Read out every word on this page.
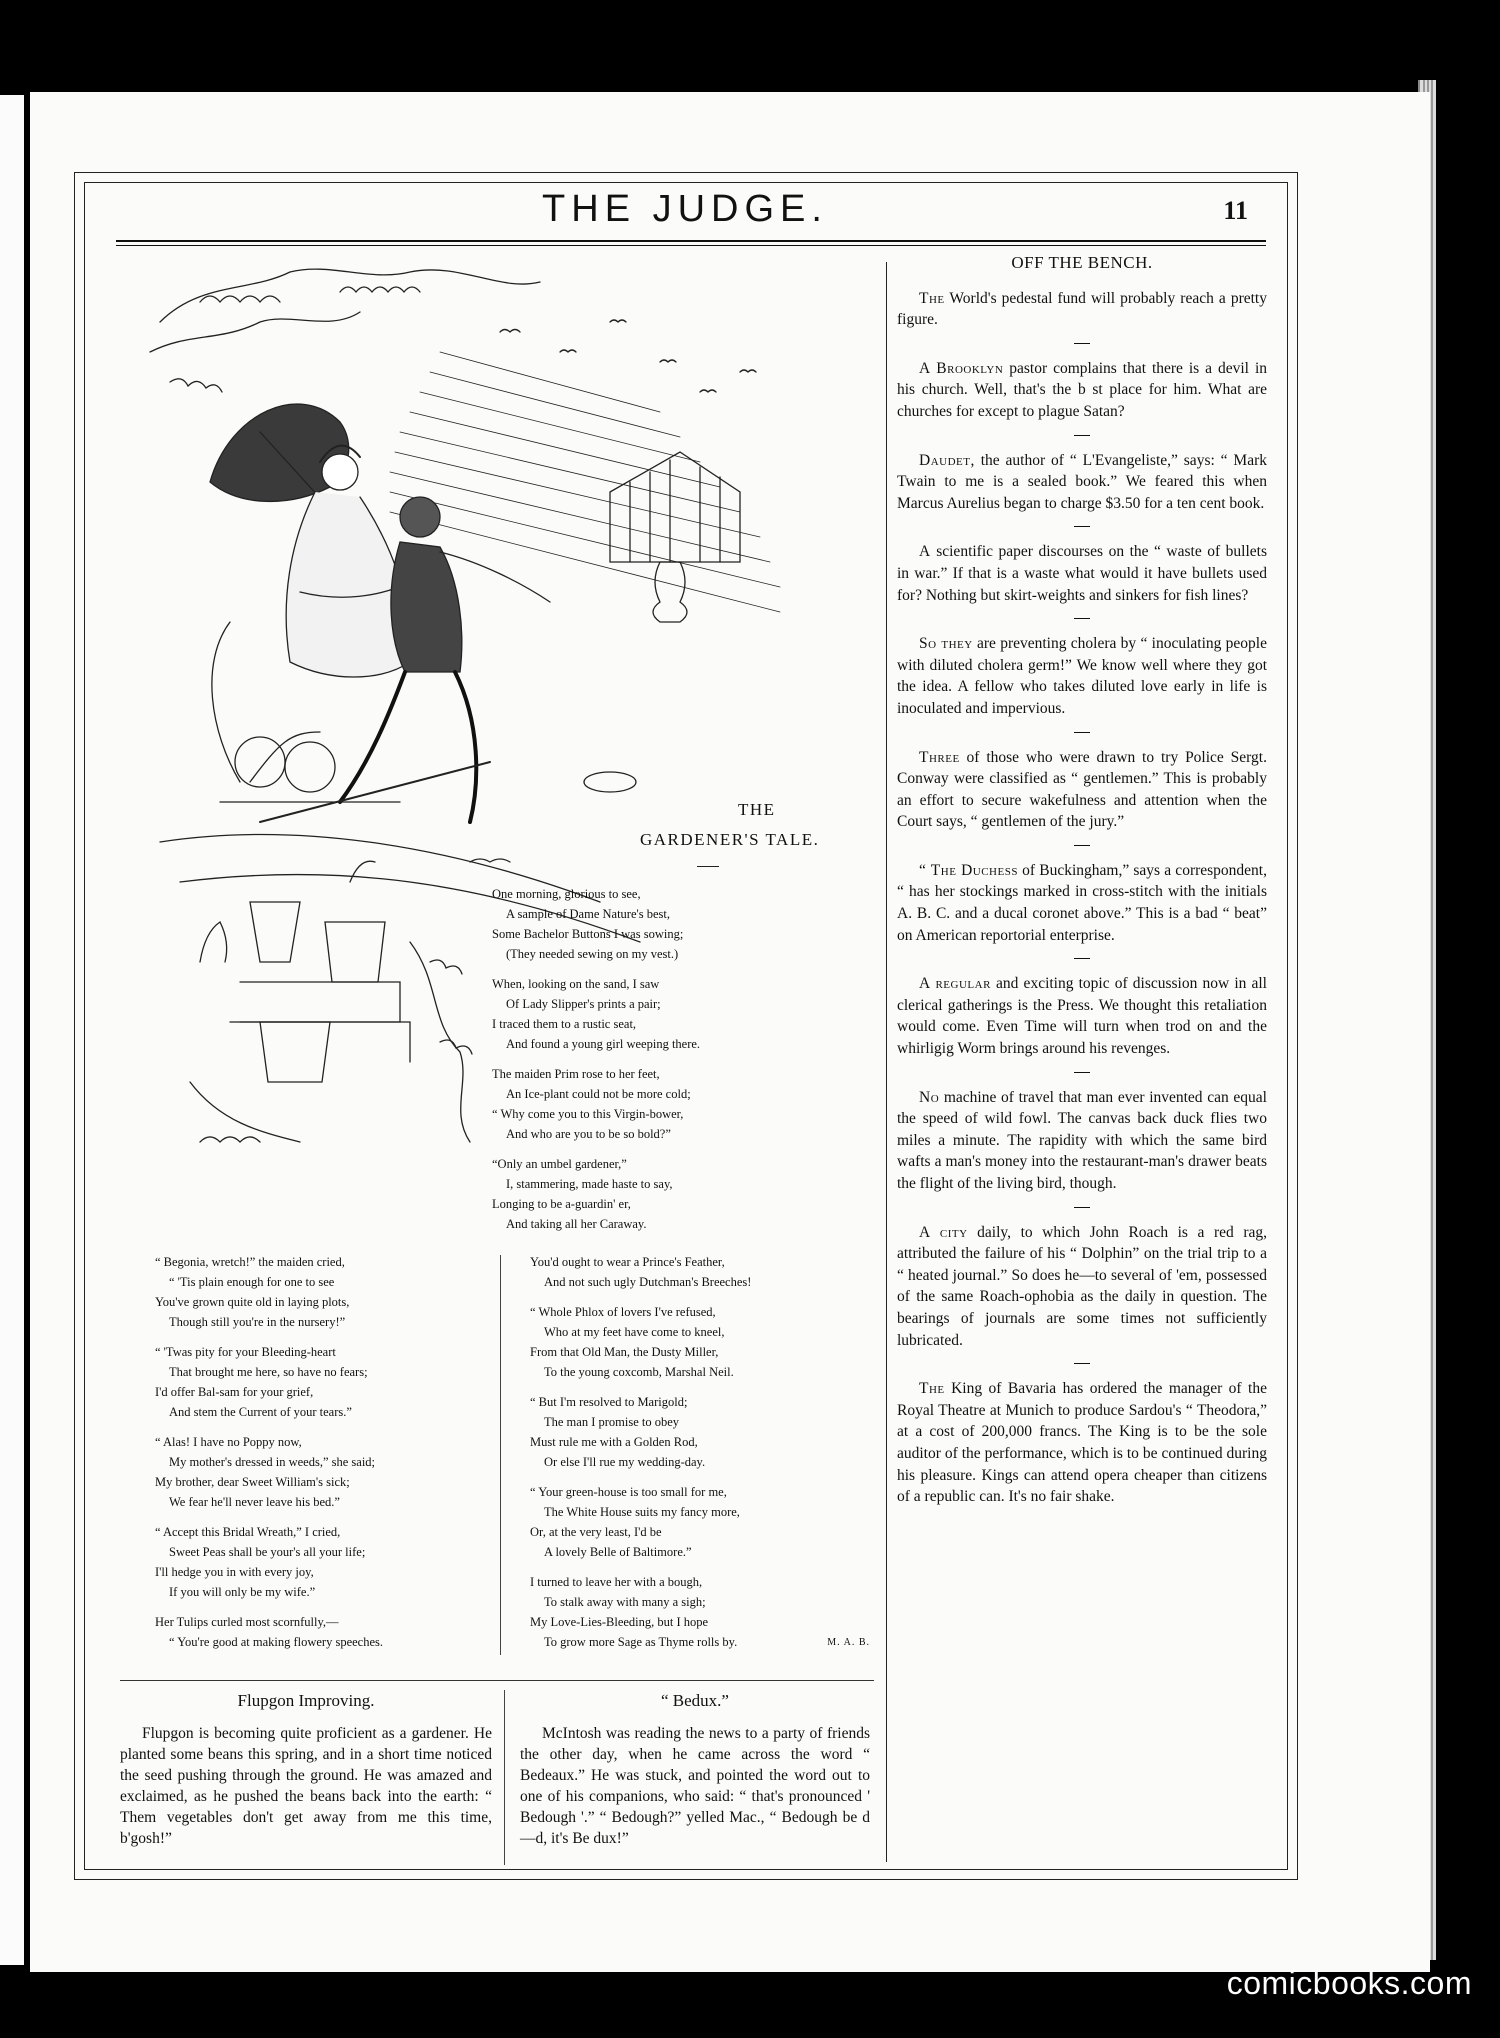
THE JUDGE.	11
THE
GARDENER'S TALE.

One morning, glorious to see,
A sample of Dame Nature's best,
Some Bachelor Buttons I was sowing;
(They needed sewing on my vest.)

When, looking on the sand, I saw
Of Lady Slipper's prints a pair;
I traced them to a rustic seat,
And found a young girl weeping there.

The maiden Prim rose to her feet,
An Ice-plant could not be more cold;
“ Why come you to this Virgin-bower,
And who are you to be so bold?”

“Only an umbel gardener,”
I, stammering, made haste to say,
Longing to be a-guardin' er,
And taking all her Caraway.

“ Begonia, wretch!” the maiden cried,
“ 'Tis plain enough for one to see
You've grown quite old in laying plots,
Though still you're in the nursery!”

“ 'Twas pity for your Bleeding-heart
That brought me here, so have no fears;
I'd offer Bal-sam for your grief,
And stem the Current of your tears.”

“ Alas! I have no Poppy now,
My mother's dressed in weeds,” she said;
My brother, dear Sweet William's sick;
We fear he'll never leave his bed.”

“ Accept this Bridal Wreath,” I cried,
Sweet Peas shall be your's all your life;
I'll hedge you in with every joy,
If you will only be my wife.”

Her Tulips curled most scornfully,—
“ You're good at making flowery speeches.

You'd ought to wear a Prince's Feather,
And not such ugly Dutchman's Breeches!

“ Whole Phlox of lovers I've refused,
Who at my feet have come to kneel,
From that Old Man, the Dusty Miller,
To the young coxcomb, Marshal Neil.

“ But I'm resolved to Marigold;
The man I promise to obey
Must rule me with a Golden Rod,
Or else I'll rue my wedding-day.

“ Your green-house is too small for me,
The White House suits my fancy more,
Or, at the very least, I'd be
A lovely Belle of Baltimore.”

I turned to leave her with a bough,
To stalk away with many a sigh;
My Love-Lies-Bleeding, but I hope
To grow more Sage as Thyme rolls by.	M. A. B.
Flupgon Improving.

Flupgon is becoming quite proficient as a gardener. He planted some beans this spring, and in a short time noticed the seed pushing through the ground. He was amazed and exclaimed, as he pushed the beans back into the earth: “ Them vegetables don't get away from me this time, b'gosh!”

“ Bedux.”

McIntosh was reading the news to a party of friends the other day, when he came across the word “ Bedeaux.” He was stuck, and pointed the word out to one of his companions, who said: “ that's pronounced ' Bedough '.” “ Bedough?” yelled Mac., “ Bedough be d—d, it's Be dux!”

OFF THE BENCH.

The World's pedestal fund will probably reach a pretty figure.

A Brooklyn pastor complains that there is a devil in his church. Well, that's the b st place for him. What are churches for except to plague Satan?

Daudet, the author of “ L'Evangeliste,” says: “ Mark Twain to me is a sealed book.” We feared this when Marcus Aurelius began to charge $3.50 for a ten cent book.

A scientific paper discourses on the “ waste of bullets in war.” If that is a waste what would it have bullets used for? Nothing but skirt-weights and sinkers for fish lines?

So they are preventing cholera by “ inoculating people with diluted cholera germ!” We know well where they got the idea. A fellow who takes diluted love early in life is inoculated and impervious.

Three of those who were drawn to try Police Sergt. Conway were classified as “ gentlemen.” This is probably an effort to secure wakefulness and attention when the Court says, “ gentlemen of the jury.”

“ The Duchess of Buckingham,” says a correspondent, “ has her stockings marked in cross-stitch with the initials A. B. C. and a ducal coronet above.” This is a bad “ beat” on American reportorial enterprise.

A regular and exciting topic of discussion now in all clerical gatherings is the Press. We thought this retaliation would come. Even Time will turn when trod on and the whirligig Worm brings around his revenges.

No machine of travel that man ever invented can equal the speed of wild fowl. The canvas back duck flies two miles a minute. The rapidity with which the same bird wafts a man's money into the restaurant-man's drawer beats the flight of the living bird, though.

A city daily, to which John Roach is a red rag, attributed the failure of his “ Dolphin” on the trial trip to a “ heated journal.” So does he—to several of 'em, possessed of the same Roach-ophobia as the daily in question. The bearings of journals are some times not sufficiently lubricated.

The King of Bavaria has ordered the manager of the Royal Theatre at Munich to produce Sardou's “ Theodora,” at a cost of 200,000 francs. The King is to be the sole auditor of the performance, which is to be continued during his pleasure. Kings can attend opera cheaper than citizens of a republic can. It's no fair shake.

comicbooks.com
